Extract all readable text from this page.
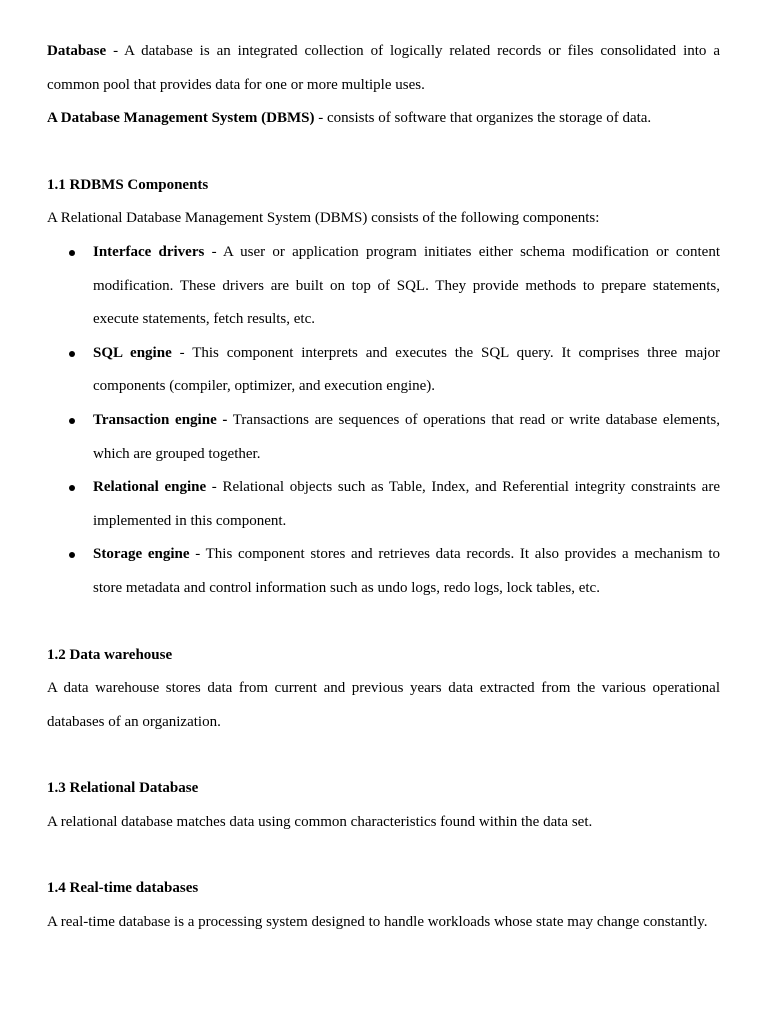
Database - A database is an integrated collection of logically related records or files consolidated into a common pool that provides data for one or more multiple uses.

A Database Management System (DBMS) - consists of software that organizes the storage of data.

1.1 RDBMS Components

A Relational Database Management System (DBMS) consists of the following components:

Interface drivers - A user or application program initiates either schema modification or content modification. These drivers are built on top of SQL. They provide methods to prepare statements, execute statements, fetch results, etc.
SQL engine - This component interprets and executes the SQL query. It comprises three major components (compiler, optimizer, and execution engine).
Transaction engine - Transactions are sequences of operations that read or write database elements, which are grouped together.
Relational engine - Relational objects such as Table, Index, and Referential integrity constraints are implemented in this component.
Storage engine - This component stores and retrieves data records. It also provides a mechanism to store metadata and control information such as undo logs, redo logs, lock tables, etc.
1.2 Data warehouse

A data warehouse stores data from current and previous years data extracted from the various operational databases of an organization.

1.3 Relational Database

A relational database matches data using common characteristics found within the data set.

1.4 Real-time databases

A real-time database is a processing system designed to handle workloads whose state may change constantly.
